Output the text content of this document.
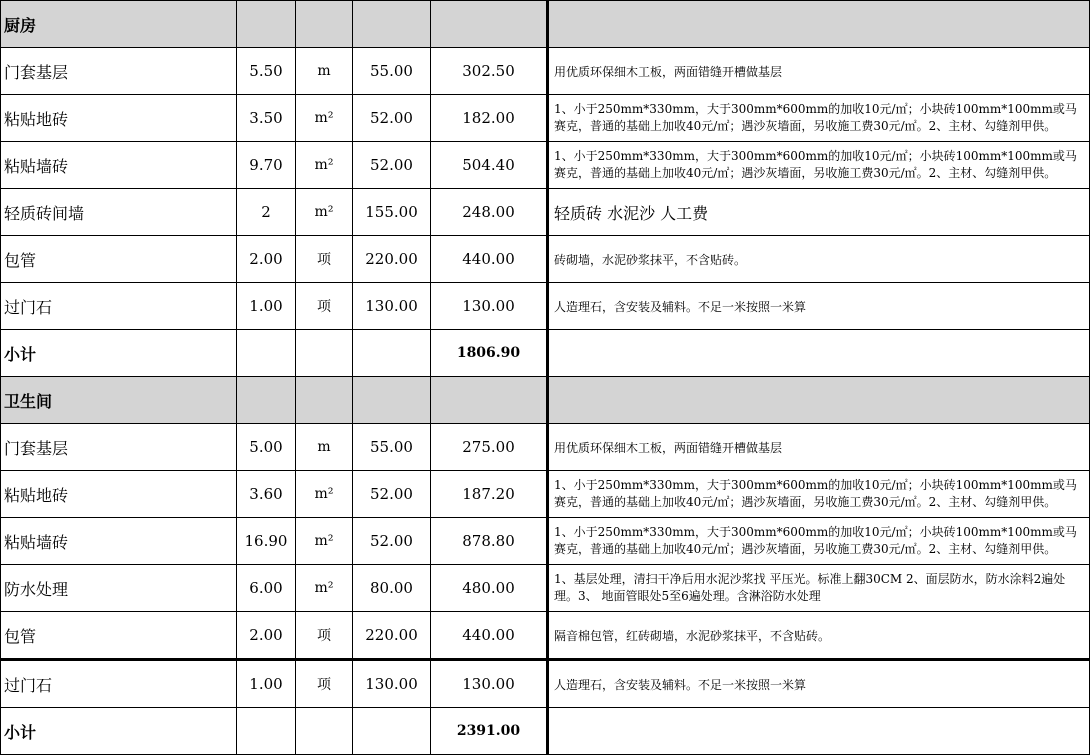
厨房					
门套基层	5.50	m	55.00	302.50	用优质环保细木工板，两面错缝开槽做基层
粘贴地砖	3.50	m²	52.00	182.00	1、小于250mm*330mm，大于300mm*600mm的加收10元/㎡；小块砖100mm*100mm或马赛克，普通的基础上加收40元/㎡；遇沙灰墙面，另收施工费30元/㎡。2、主材、勾缝剂甲供。
粘贴墙砖	9.70	m²	52.00	504.40	1、小于250mm*330mm，大于300mm*600mm的加收10元/㎡；小块砖100mm*100mm或马赛克，普通的基础上加收40元/㎡；遇沙灰墙面，另收施工费30元/㎡。2、主材、勾缝剂甲供。
轻质砖间墙	2	m²	155.00	248.00	轻质砖 水泥沙 人工费
包管	2.00	项	220.00	440.00	砖砌墙，水泥砂浆抹平，不含贴砖。
过门石	1.00	项	130.00	130.00	人造理石，含安装及辅料。不足一米按照一米算
小计				1806.90	
卫生间					
门套基层	5.00	m	55.00	275.00	用优质环保细木工板，两面错缝开槽做基层
粘贴地砖	3.60	m²	52.00	187.20	1、小于250mm*330mm，大于300mm*600mm的加收10元/㎡；小块砖100mm*100mm或马赛克，普通的基础上加收40元/㎡；遇沙灰墙面，另收施工费30元/㎡。2、主材、勾缝剂甲供。
粘贴墙砖	16.90	m²	52.00	878.80	1、小于250mm*330mm，大于300mm*600mm的加收10元/㎡；小块砖100mm*100mm或马赛克，普通的基础上加收40元/㎡；遇沙灰墙面，另收施工费30元/㎡。2、主材、勾缝剂甲供。
防水处理	6.00	m²	80.00	480.00	1、基层处理，清扫干净后用水泥沙浆找 平压光。标准上翻30CM 2、面层防水，防水涂料2遍处理。3、 地面管眼处5至6遍处理。含淋浴防水处理
包管	2.00	项	220.00	440.00	隔音棉包管，红砖砌墙，水泥砂浆抹平，不含贴砖。
过门石	1.00	项	130.00	130.00	人造理石，含安装及辅料。不足一米按照一米算
小计				2391.00	
